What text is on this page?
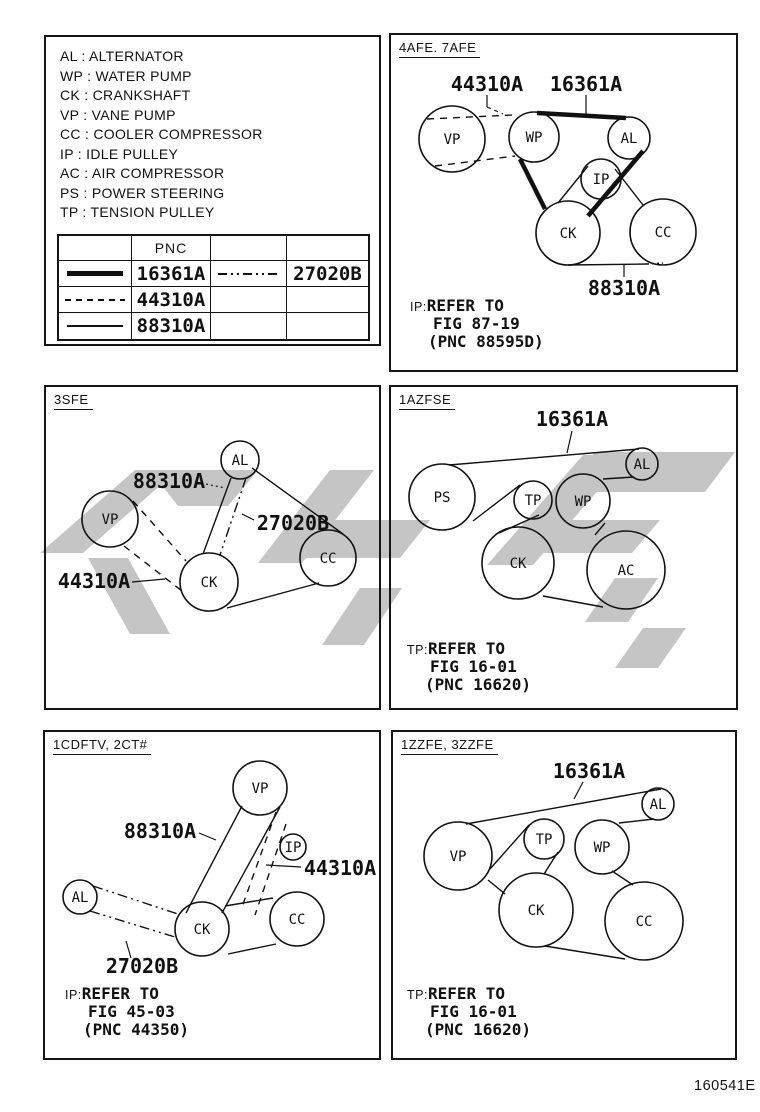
AL : ALTERNATOR
WP : WATER PUMP
CK : CRANKSHAFT
VP : VANE PUMP
CC : COOLER COMPRESSOR
IP : IDLE PULLEY
AC : AIR COMPRESSOR
PS : POWER STEERING
TP : TENSION PULLEY
PNC
16361A	27020B
44310A
88310A
4AFE. 7AFE
VP	WP	AL
IP
CK	CC
44310A 16361A
88310A
IP:REFER TO
FIG 87-19
(PNC 88595D)
3SFE
AL
VP
CK
CC
88310A
27020B
44310A
1AZFSE
PS	TP WP
AL
CK	AC
16361A
TP:REFER TO
FIG 16-01
(PNC 16620)
1CDFTV, 2CT#
VP
IP
AL
CK
CC
88310A
44310A
27020B
IP:REFER TO
FIG 45-03
(PNC 44350)
1ZZFE, 3ZZFE
VP
TP	WP
AL
CK
CC
16361A
TP:REFER TO
FIG 16-01
(PNC 16620)
160541E
